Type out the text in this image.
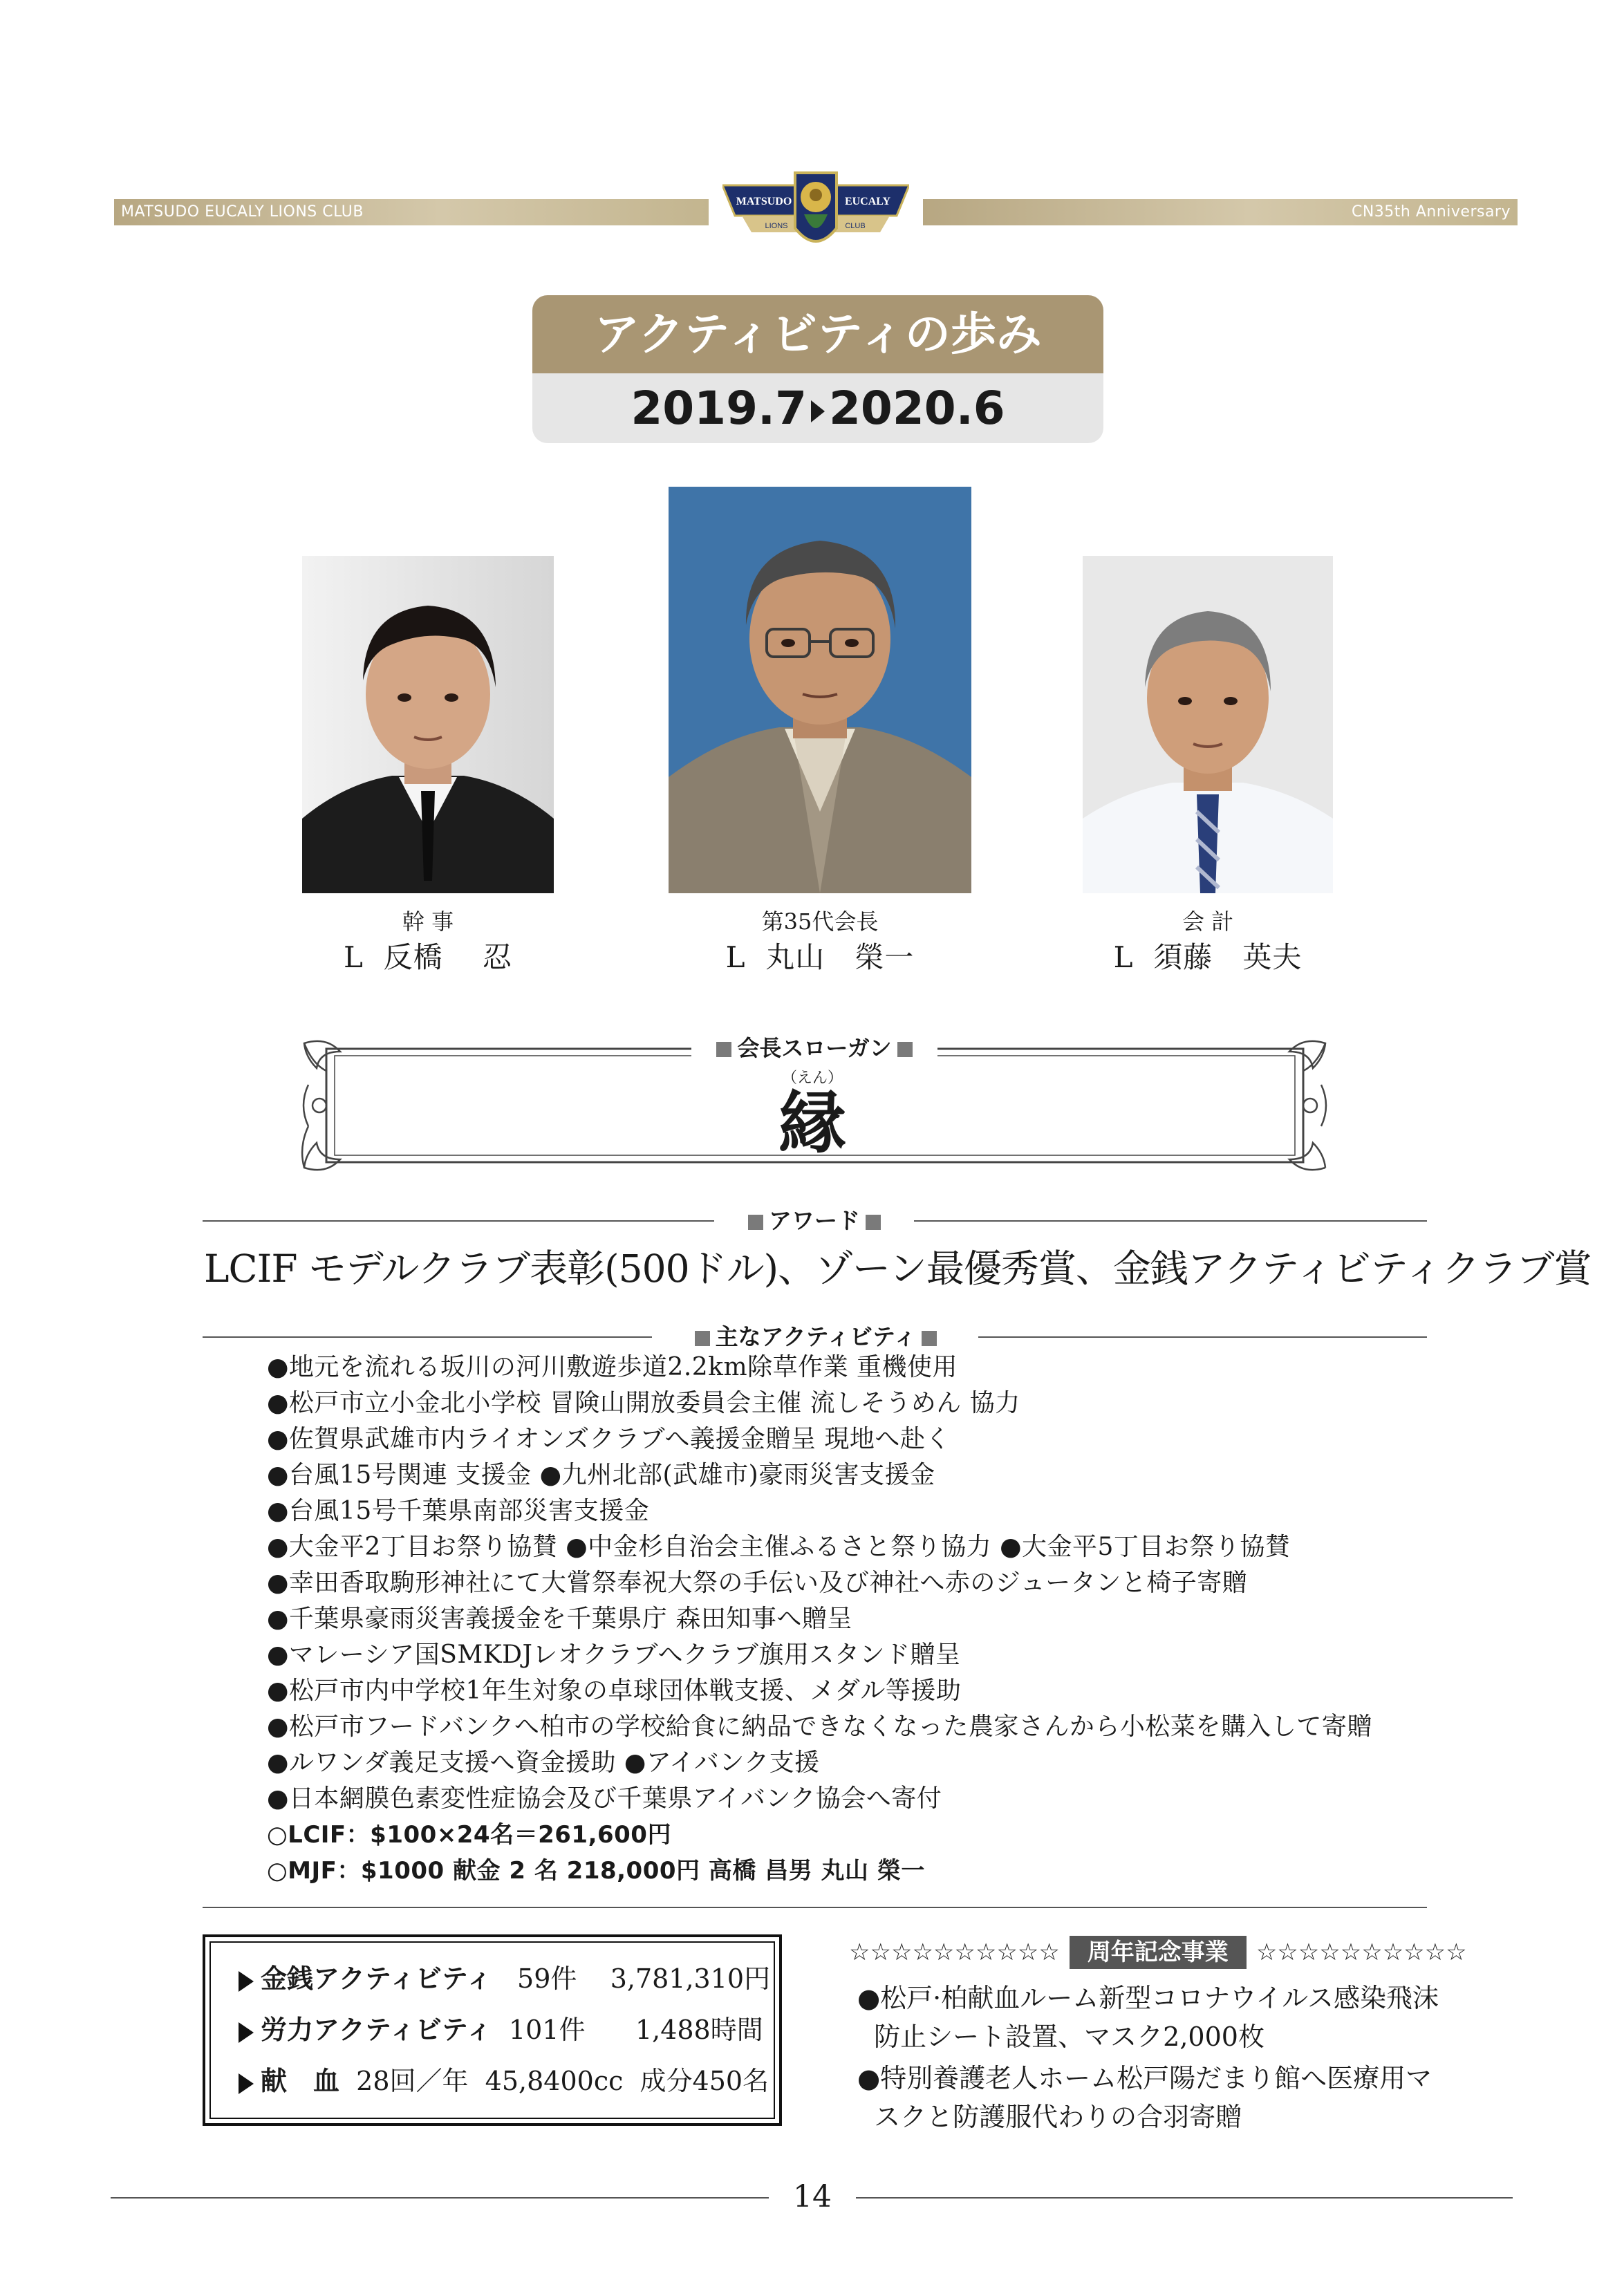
MATSUDO EUCALY LIONS CLUB	CN35th Anniversary
MATSUDO	EUCALY
LIONS	CLUB
アクティビティの歩み
2019.7 2020.6
幹 事
L  反橋    忍
第35代会長
L  丸山   榮一
会 計
L  須藤   英夫
会長スローガン
（えん）
縁
アワード
LCIF モデルクラブ表彰(500ドル)、ゾーン最優秀賞、金銭アクティビティクラブ賞
主なアクティビティ
●地元を流れる坂川の河川敷遊歩道2.2km除草作業 重機使用
●松戸市立小金北小学校 冒険山開放委員会主催 流しそうめん 協力
●佐賀県武雄市内ライオンズクラブへ義援金贈呈 現地へ赴く
●台風15号関連 支援金 ●九州北部(武雄市)豪雨災害支援金
●台風15号千葉県南部災害支援金
●大金平2丁目お祭り協賛 ●中金杉自治会主催ふるさと祭り協力 ●大金平5丁目お祭り協賛
●幸田香取駒形神社にて大嘗祭奉祝大祭の手伝い及び神社へ赤のジュータンと椅子寄贈
●千葉県豪雨災害義援金を千葉県庁 森田知事へ贈呈
●マレーシア国SMKDJレオクラブへクラブ旗用スタンド贈呈
●松戸市内中学校1年生対象の卓球団体戦支援、メダル等援助
●松戸市フードバンクへ柏市の学校給食に納品できなくなった農家さんから小松菜を購入して寄贈
●ルワンダ義足支援へ資金援助 ●アイバンク支援
●日本網膜色素変性症協会及び千葉県アイバンク協会へ寄付
○LCIF：$100×24名＝261,600円
○MJF：$1000 献金 2 名 218,000円 高橋 昌男 丸山 榮一
金銭アクティビティ   59件    3,781,310円
労力アクティビティ  101件      1,488時間
献　血  28回／年  45,8400cc  成分450名
☆☆☆☆☆☆☆☆☆☆ 周年記念事業 ☆☆☆☆☆☆☆☆☆☆
●松戸·柏献血ルーム新型コロナウイルス感染飛沫
防止シート設置、マスク2,000枚
●特別養護老人ホーム松戸陽だまり館へ医療用マ
スクと防護服代わりの合羽寄贈
14
